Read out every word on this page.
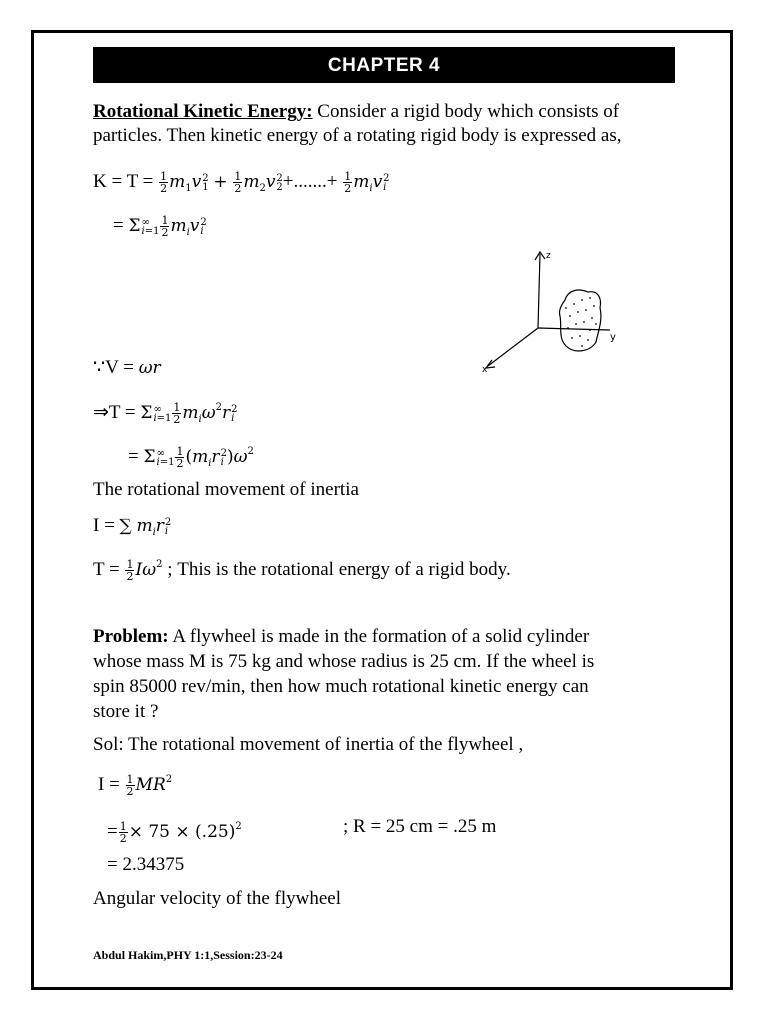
CHAPTER 4
Rotational Kinetic Energy: Consider a rigid body which consists of
particles. Then kinetic energy of a rotating rigid body is expressed as,
$K = T = \frac{1}{2} m_1v$ 2
$1 + \frac{1}{2} m_2v$ 2
2 +.......+ $\frac{1}{2} m_iv$ 2
i
= Σ ∞
$i=1 \frac{1}{2} m_iv$ 2
i
z
y
x
∵V = ωr
⇒T = Σ ∞
$i=1 \frac{1}{2} m_i\omega^2r$ 2
i
= Σ ∞
$i=1 \frac{1}{2} (m_ir$ 2
i )$\omega^2$
The rotational movement of inertia
I = ∑ $m_ir$ 2
i
$T = \frac{1}{2} I\omega^2$ ; This is the rotational energy of a rigid body.
Problem: A flywheel is made in the formation of a solid cylinder
whose mass M is 75 kg and whose radius is 25 cm. If the wheel is
spin 85000 rev/min, then how much rotational kinetic energy can
store it ?
Sol: The rotational movement of inertia of the flywheel ,
$I = \frac{1}{2} MR^2$
= $\frac{1}{2} \times 75 \times (.25)^2$	; R = 25 cm = .25 m
= 2.34375
Angular velocity of the flywheel
Abdul Hakim,PHY 1:1,Session:23-24
